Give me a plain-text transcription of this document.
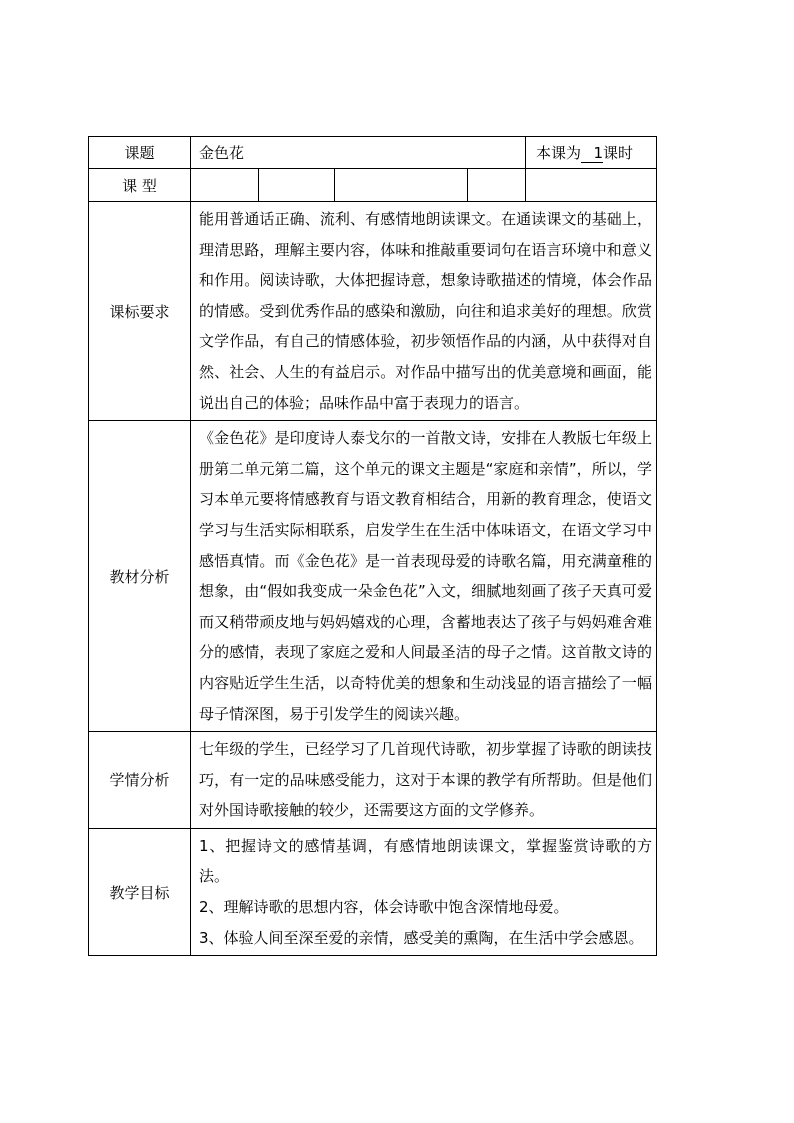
课题	金色花				本课为 1课时
课 型					
课标要求	能用普通话正确、流利、有感情地朗读课文。在通读课文的基础上，理清思路，理解主要内容，体味和推敲重要词句在语言环境中和意义和作用。阅读诗歌，大体把握诗意，想象诗歌描述的情境，体会作品的情感。受到优秀作品的感染和激励，向往和追求美好的理想。欣赏文学作品，有自己的情感体验，初步领悟作品的内涵，从中获得对自然、社会、人生的有益启示。对作品中描写出的优美意境和画面，能说出自己的体验；品味作品中富于表现力的语言。				
教材分析	《金色花》是印度诗人泰戈尔的一首散文诗，安排在人教版七年级上册第二单元第二篇，这个单元的课文主题是“家庭和亲情”，所以，学习本单元要将情感教育与语文教育相结合，用新的教育理念，使语文学习与生活实际相联系，启发学生在生活中体味语文，在语文学习中感悟真情。而《金色花》是一首表现母爱的诗歌名篇，用充满童稚的想象，由“假如我变成一朵金色花”入文，细腻地刻画了孩子天真可爱而又稍带顽皮地与妈妈嬉戏的心理，含蓄地表达了孩子与妈妈难舍难分的感情，表现了家庭之爱和人间最圣洁的母子之情。这首散文诗的内容贴近学生生活，以奇特优美的想象和生动浅显的语言描绘了一幅母子情深图，易于引发学生的阅读兴趣。				
学情分析	七年级的学生，已经学习了几首现代诗歌，初步掌握了诗歌的朗读技巧，有一定的品味感受能力，这对于本课的教学有所帮助。但是他们对外国诗歌接触的较少，还需要这方面的文学修养。				
教学目标	1、把握诗文的感情基调，有感情地朗读课文，掌握鉴赏诗歌的方法。

2、理解诗歌的思想内容，体会诗歌中饱含深情地母爱。

3、体验人间至深至爱的亲情，感受美的熏陶，在生活中学会感恩。				
